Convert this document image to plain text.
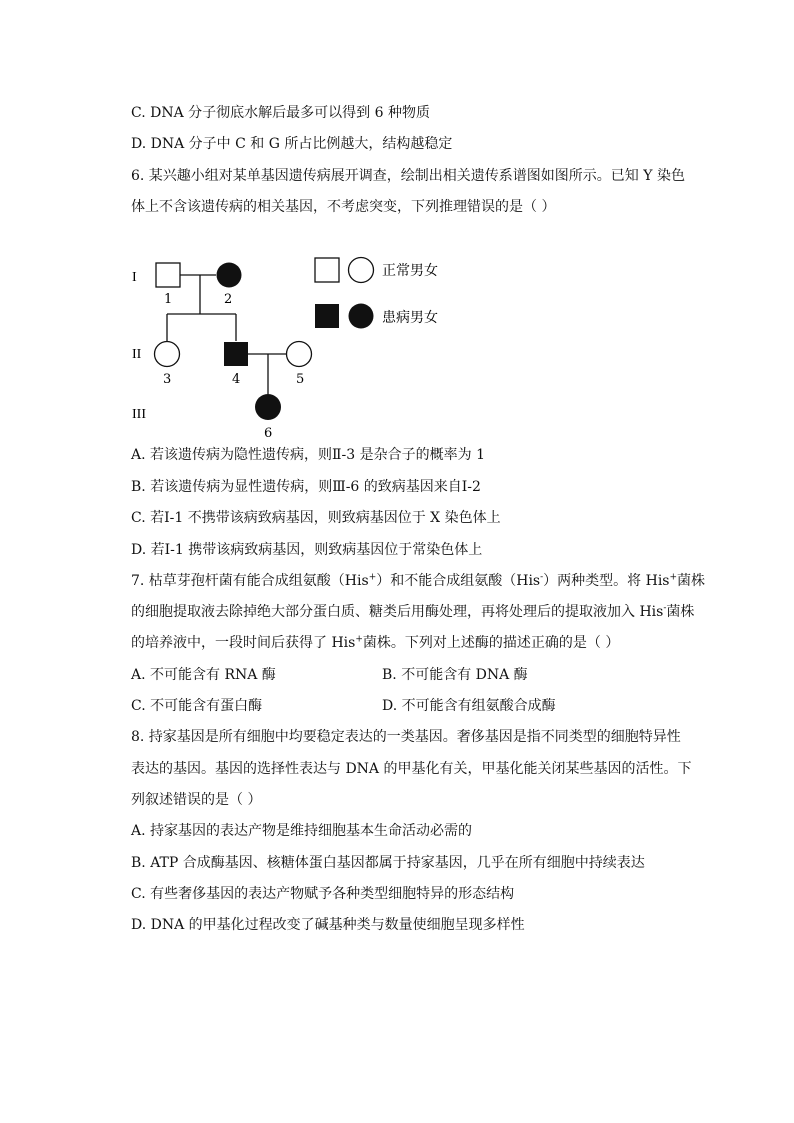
C. DNA 分子彻底水解后最多可以得到 6 种物质
D. DNA 分子中 C 和 G 所占比例越大，结构越稳定
6. 某兴趣小组对某单基因遗传病展开调查，绘制出相关遗传系谱图如图所示。已知 Y 染色
体上不含该遗传病的相关基因，不考虑突变，下列推理错误的是（ ）
I
II
III
1	2
3	4	5
6
正常男女
患病男女
A. 若该遗传病为隐性遗传病，则Ⅱ-3 是杂合子的概率为 1
B. 若该遗传病为显性遗传病，则Ⅲ-6 的致病基因来自Ⅰ-2
C. 若Ⅰ-1 不携带该病致病基因，则致病基因位于 X 染色体上
D. 若Ⅰ-1 携带该病致病基因，则致病基因位于常染色体上
7. 枯草芽孢杆菌有能合成组氨酸（His+）和不能合成组氨酸（His-）两种类型。将 His+菌株
的细胞提取液去除掉绝大部分蛋白质、糖类后用酶处理，再将处理后的提取液加入 His-菌株
的培养液中，一段时间后获得了 His+菌株。下列对上述酶的描述正确的是（ ）
A. 不可能含有 RNA 酶	B. 不可能含有 DNA 酶
C. 不可能含有蛋白酶	D. 不可能含有组氨酸合成酶
8. 持家基因是所有细胞中均要稳定表达的一类基因。奢侈基因是指不同类型的细胞特异性
表达的基因。基因的选择性表达与 DNA 的甲基化有关，甲基化能关闭某些基因的活性。下
列叙述错误的是（ ）
A. 持家基因的表达产物是维持细胞基本生命活动必需的
B. ATP 合成酶基因、核糖体蛋白基因都属于持家基因，几乎在所有细胞中持续表达
C. 有些奢侈基因的表达产物赋予各种类型细胞特异的形态结构
D. DNA 的甲基化过程改变了碱基种类与数量使细胞呈现多样性
